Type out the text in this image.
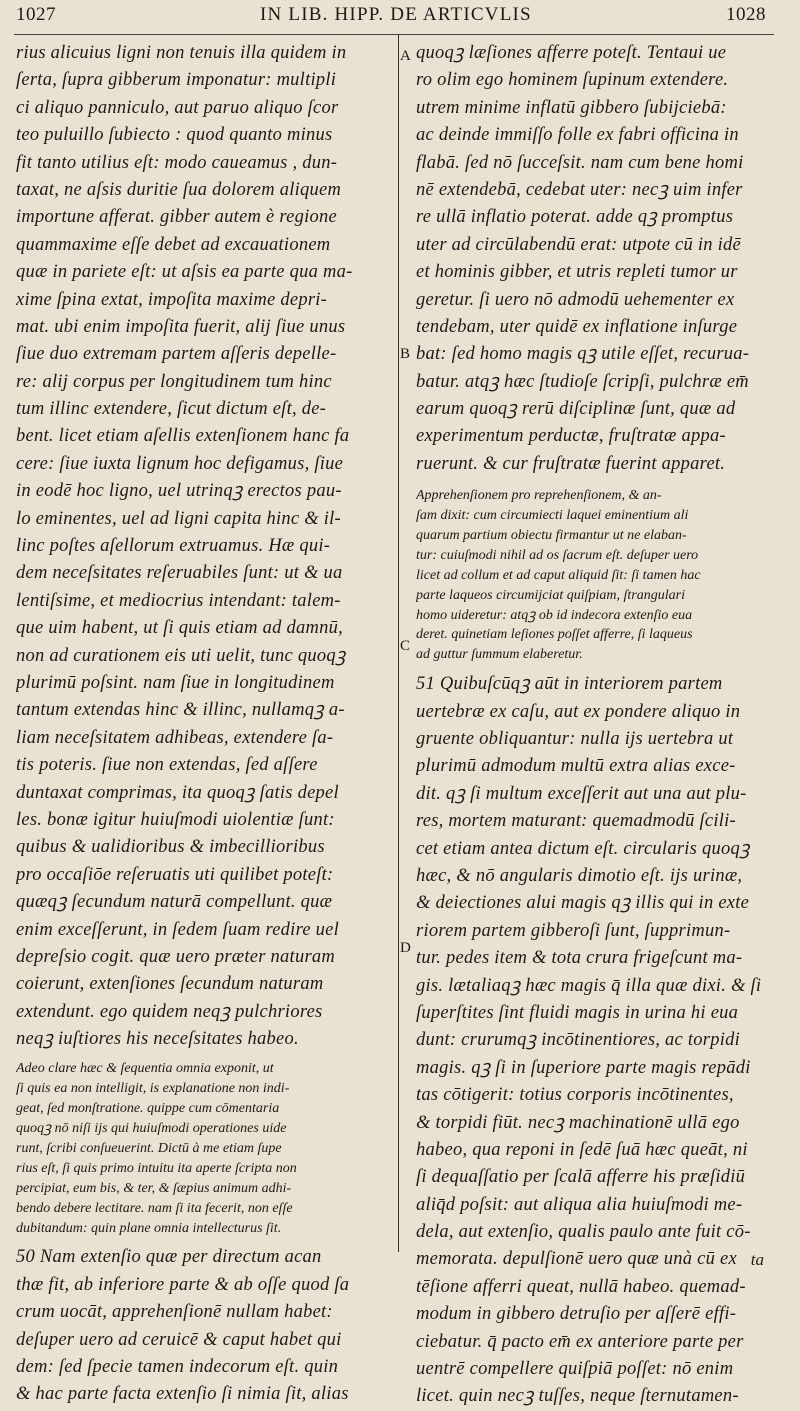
1027	IN LIB. HIPP. DE ARTICVLIS	1028
A
B
C
D
rius alicuius ligni non tenuis illa quidem in
ſerta, ſupra gibberum imponatur: multipli
ci aliquo panniculo, aut paruo aliquo ſcor
teo puluillo ſubiecto : quod quanto minus
fit tanto utilius eſt: modo caueamus , dun-
taxat, ne aſsis duritie ſua dolorem aliquem
importune afferat. gibber autem è regione
quammaxime eſſe debet ad excauationem
quæ in pariete eſt: ut aſsis ea parte qua ma-
xime ſpina extat, impoſita maxime depri-
mat. ubi enim impoſita fuerit, alij ſiue unus
ſiue duo extremam partem aſſeris depelle-
re: alij corpus per longitudinem tum hinc
tum illinc extendere, ſicut dictum eſt, de-
bent. licet etiam aſellis extenſionem hanc fa
cere: ſiue iuxta lignum hoc defigamus, ſiue
in eodē hoc ligno, uel utrinqꝫ erectos pau-
lo eminentes, uel ad ligni capita hinc & il-
linc poſtes aſellorum extruamus. Hæ qui-
dem neceſsitates reſeruabiles ſunt: ut & ua
lentiſsime, et mediocrius intendant: talem-
que uim habent, ut ſi quis etiam ad damnū,
non ad curationem eis uti uelit, tunc quoqꝫ
plurimū poſsint. nam ſiue in longitudinem
tantum extendas hinc & illinc, nullamqꝫ a-
liam neceſsitatem adhibeas, extendere ſa-
tis poteris. ſiue non extendas, ſed aſſere
duntaxat comprimas, ita quoqꝫ ſatis depel
les. bonæ igitur huiuſmodi uiolentiæ ſunt:
quibus & ualidioribus & imbecillioribus
pro occaſiōe reſeruatis uti quilibet poteſt:
quæqꝫ ſecundum naturā compellunt. quæ
enim exceſſerunt, in ſedem ſuam redire uel
depreſsio cogit. quæ uero præter naturam
coierunt, extenſiones ſecundum naturam
extendunt. ego quidem neqꝫ pulchriores
neqꝫ iuſtiores his neceſsitates habeo.
Adeo clare hæc & ſequentia omnia exponit, ut
ſi quis ea non intelligit, is explanatione non indi-
geat, ſed monſtratione. quippe cum cōmentaria
quoqꝫ nō niſi ijs qui huiuſmodi operationes uide
runt, ſcribi conſueuerint. Dictū à me etiam ſupe
rius eſt, ſi quis primo intuitu ita aperte ſcripta non
percipiat, eum bis, & ter, & ſæpius animum adhi-
bendo debere lectitare. nam ſi ita fecerit, non eſſe
dubitandum: quin plane omnia intellecturus ſit.
50 Nam extenſio quæ per directum acan
thæ fit, ab inferiore parte & ab oſſe quod ſa
crum uocāt, apprehenſionē nullam habet:
deſuper uero ad ceruicē & caput habet qui
dem: ſed ſpecie tamen indecorum eſt. quin
& hac parte facta extenſio ſi nimia ſit, alias
quoqꝫ læſiones afferre poteſt. Tentaui ue
ro olim ego hominem ſupinum extendere.
utrem minime inflatū gibbero ſubijciebā:
ac deinde immiſſo folle ex fabri officina in
flabā. ſed nō ſucceſsit. nam cum bene homi
nē extendebā, cedebat uter: necꝫ uim infer
re ullā inflatio poterat. adde qꝫ promptus
uter ad circūlabendū erat: utpote cū in idē
et hominis gibber, et utris repleti tumor ur
geretur. ſi uero nō admodū uehementer ex
tendebam, uter quidē ex inflatione inſurge
bat: ſed homo magis qꝫ utile eſſet, recurua-
batur. atqꝫ hæc ſtudioſe ſcripſi, pulchræ em̄
earum quoqꝫ rerū diſciplinæ ſunt, quæ ad
experimentum perductæ, fruſtratæ appa-
ruerunt. & cur fruſtratæ fuerint apparet.
Apprehenſionem pro reprehenſionem, & an-
ſam dixit: cum circumiecti laquei eminentium ali
quarum partium obiectu firmantur ut ne elaban-
tur: cuiuſmodi nihil ad os ſacrum eſt. deſuper uero
licet ad collum et ad caput aliquid ſit: ſi tamen hac
parte laqueos circumijciat quiſpiam, ſtrangulari
homo uideretur: atqꝫ ob id indecora extenſio eua
deret. quinetiam leſiones poſſet afferre, ſi laqueus
ad guttur ſummum elaberetur.
51 Quibuſcūqꝫ aūt in interiorem partem
uertebræ ex caſu, aut ex pondere aliquo in
gruente obliquantur: nulla ijs uertebra ut
plurimū admodum multū extra alias exce-
dit. qꝫ ſi multum exceſſerit aut una aut plu-
res, mortem maturant: quemadmodū ſcili-
cet etiam antea dictum eſt. circularis quoqꝫ
hæc, & nō angularis dimotio eſt. ijs urinæ,
& deiectiones alui magis qꝫ illis qui in exte
riorem partem gibberoſi ſunt, ſupprimun-
tur. pedes item & tota crura frigeſcunt ma-
gis. lætaliaqꝫ hæc magis q̄ illa quæ dixi. & ſi
ſuperſtites ſint fluidi magis in urina hi eua
dunt: crurumqꝫ incōtinentiores, ac torpidi
magis. qꝫ ſi in ſuperiore parte magis repādi
tas cōtigerit: totius corporis incōtinentes,
& torpidi fiūt. necꝫ machinationē ullā ego
habeo, qua reponi in ſedē ſuā hæc queāt, ni
ſi dequaſſatio per ſcalā afferre his præſidiū
aliq̄d poſsit: aut aliqua alia huiuſmodi me-
dela, aut extenſio, qualis paulo ante fuit cō-
memorata. depulſionē uero quæ unà cū ex
tēſione afferri queat, nullā habeo. quemad-
modum in gibbero detruſio per aſſerē effi-
ciebatur. q̄ pacto em̄ ex anteriore parte per
uentrē compellere quiſpiā poſſet: nō enim
licet. quin necꝫ tuſſes, neque ſternutamen-
ta
